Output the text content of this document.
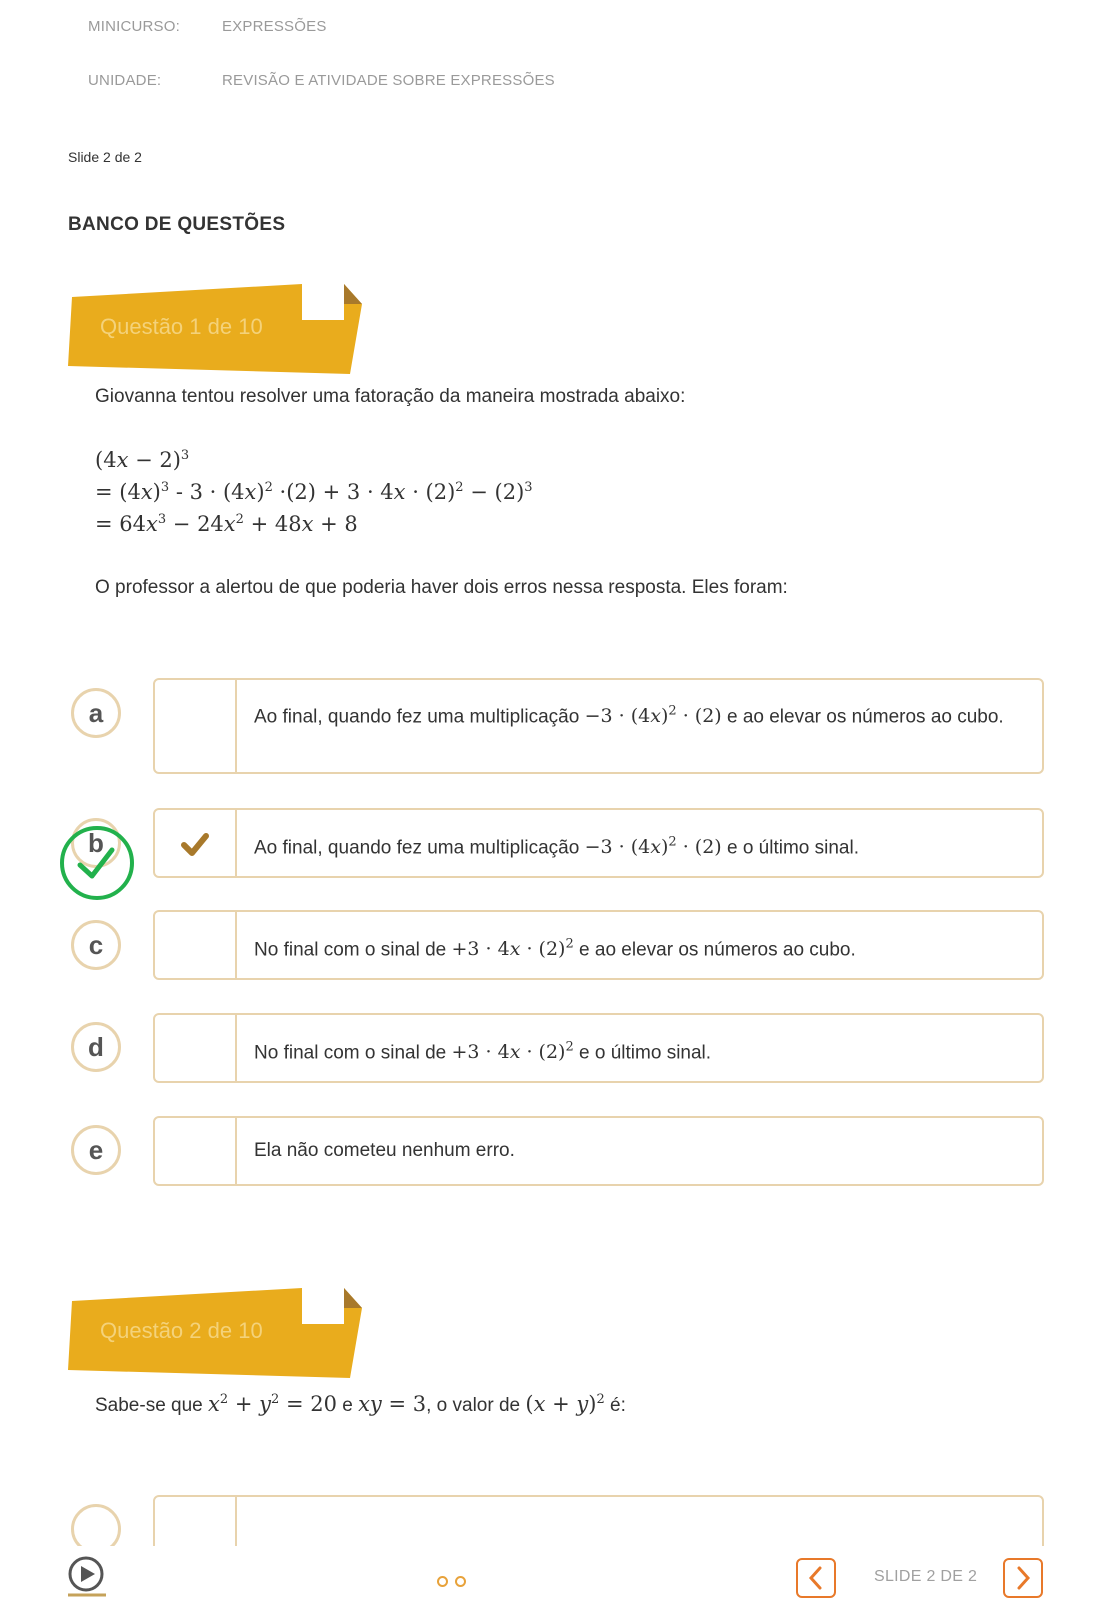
MINICURSO:	EXPRESSÕES
UNIDADE:	REVISÃO E ATIVIDADE SOBRE EXPRESSÕES
Slide 2 de 2
BANCO DE QUESTÕES
Questão 1 de 10
Giovanna tentou resolver uma fatoração da maneira mostrada abaixo:
$(4x - 2)^3$
= $(4x)^3 - 3 \cdot (4x)^2 \cdot(2) + 3 \cdot 4x \cdot (2)^2 - (2)^3$
= $64x^3 - 24x^2 + 48x + 8$
O professor a alertou de que poderia haver dois erros nessa resposta. Eles foram:
a	Ao final, quando fez uma multiplicação $-3 \cdot (4x)^2 \cdot (2)$ e ao elevar os números ao cubo.
b	Ao final, quando fez uma multiplicação $-3 \cdot (4x)^2 \cdot (2)$ e o último sinal.
c	No final com o sinal de $+3 \cdot 4x \cdot (2)^2$ e ao elevar os números ao cubo.
d	No final com o sinal de $+3 \cdot 4x \cdot (2)^2$ e o último sinal.
e	Ela não cometeu nenhum erro.
Questão 2 de 10
Sabe-se que $x^2 + y^2 = 20$ e xy = 3, o valor de $(x + y)^2$ é:
SLIDE 2 DE 2
